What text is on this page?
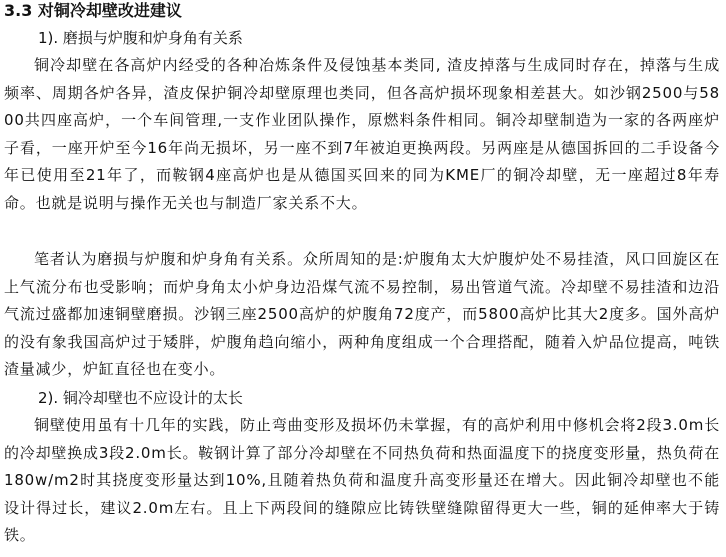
3.3 对铜冷却壁改进建议
1). 磨损与炉腹和炉身角有关系

铜冷却壁在各高炉内经受的各种冶炼条件及侵蚀基本类同, 渣皮掉落与生成同时存在，掉落与生成频率、周期各炉各异，渣皮保护铜冷却壁原理也类同，但各高炉损坏现象相差甚大。如沙钢2500与5800共四座高炉，一个车间管理,一支作业团队操作，原燃料条件相同。铜冷却壁制造为一家的各两座炉子看，一座开炉至今16年尚无损坏，另一座不到7年被迫更换两段。另两座是从德国拆回的二手设备今年已使用至21年了，而鞍钢4座高炉也是从德国买回来的同为KME厂的铜冷却壁，无一座超过8年寿命。也就是说明与操作无关也与制造厂家关系不大。

笔者认为磨损与炉腹和炉身角有关系。众所周知的是:炉腹角太大炉腹炉处不易挂渣，风口回旋区在上气流分布也受影响；而炉身角太小炉身边沿煤气流不易控制，易出管道气流。冷却壁不易挂渣和边沿气流过盛都加速铜壁磨损。沙钢三座2500高炉的炉腹角72度产，而5800高炉比其大2度多。国外高炉的没有象我国高炉过于矮胖，炉腹角趋向缩小，两种角度组成一个合理搭配，随着入炉品位提高，吨铁渣量减少，炉缸直径也在变小。

2). 铜冷却壁也不应设计的太长

铜壁使用虽有十几年的实践，防止弯曲变形及损坏仍未掌握，有的高炉利用中修机会将2段3.0m长的冷却壁换成3段2.0m长。鞍钢计算了部分冷却壁在不同热负荷和热面温度下的挠度变形量，热负荷在180w/m2时其挠度变形量达到10%,且随着热负荷和温度升高变形量还在增大。因此铜冷却壁也不能设计得过长，建议2.0m左右。且上下两段间的缝隙应比铸铁壁缝隙留得更大一些，铜的延伸率大于铸铁。
